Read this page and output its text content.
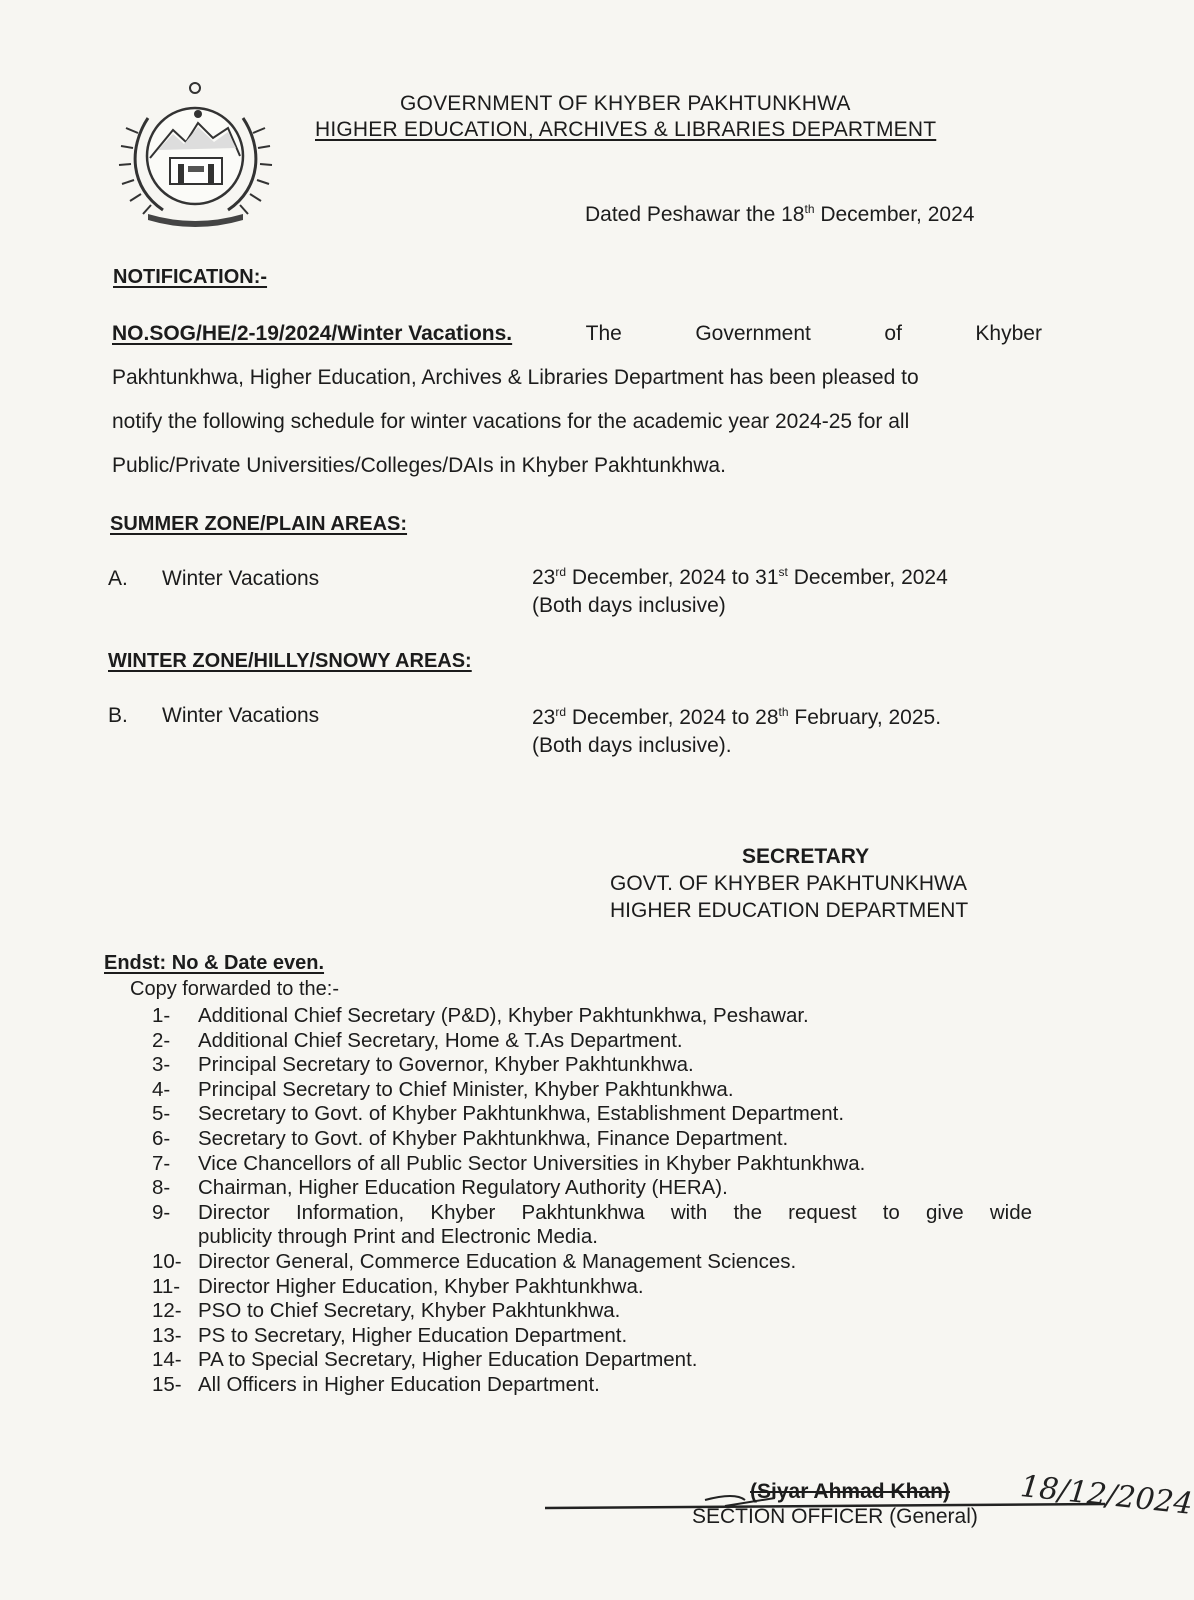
GOVERNMENT OF KHYBER PAKHTUNKHWA
HIGHER EDUCATION, ARCHIVES & LIBRARIES DEPARTMENT
Dated Peshawar the 18th December, 2024
NOTIFICATION:-
NO.SOG/HE/2-19/2024/Winter Vacations.	The	Government	of	Khyber
Pakhtunkhwa, Higher Education, Archives & Libraries Department has been pleased to
notify the following schedule for winter vacations for the academic year 2024-25 for all
Public/Private Universities/Colleges/DAIs in Khyber Pakhtunkhwa.
SUMMER ZONE/PLAIN AREAS:
A. Winter Vacations	23rd December, 2024 to 31st December, 2024
(Both days inclusive)
WINTER ZONE/HILLY/SNOWY AREAS:
B. Winter Vacations	23rd December, 2024 to 28th February, 2025.
(Both days inclusive).
SECRETARY
GOVT. OF KHYBER PAKHTUNKHWA
HIGHER EDUCATION DEPARTMENT
Endst: No & Date even.
Copy forwarded to the:-
1-	Additional Chief Secretary (P&D), Khyber Pakhtunkhwa, Peshawar.
2-	Additional Chief Secretary, Home & T.As Department.
3-	Principal Secretary to Governor, Khyber Pakhtunkhwa.
4-	Principal Secretary to Chief Minister, Khyber Pakhtunkhwa.
5-	Secretary to Govt. of Khyber Pakhtunkhwa, Establishment Department.
6-	Secretary to Govt. of Khyber Pakhtunkhwa, Finance Department.
7-	Vice Chancellors of all Public Sector Universities in Khyber Pakhtunkhwa.
8-	Chairman, Higher Education Regulatory Authority (HERA).
9-	Director Information, Khyber Pakhtunkhwa with the request to give wide
publicity through Print and Electronic Media.
10- Director General, Commerce Education & Management Sciences.
11- Director Higher Education, Khyber Pakhtunkhwa.
12- PSO to Chief Secretary, Khyber Pakhtunkhwa.
13- PS to Secretary, Higher Education Department.
14- PA to Special Secretary, Higher Education Department.
15- All Officers in Higher Education Department.
(Siyar Ahmad Khan)
SECTION OFFICER (General) 18/12/2024
